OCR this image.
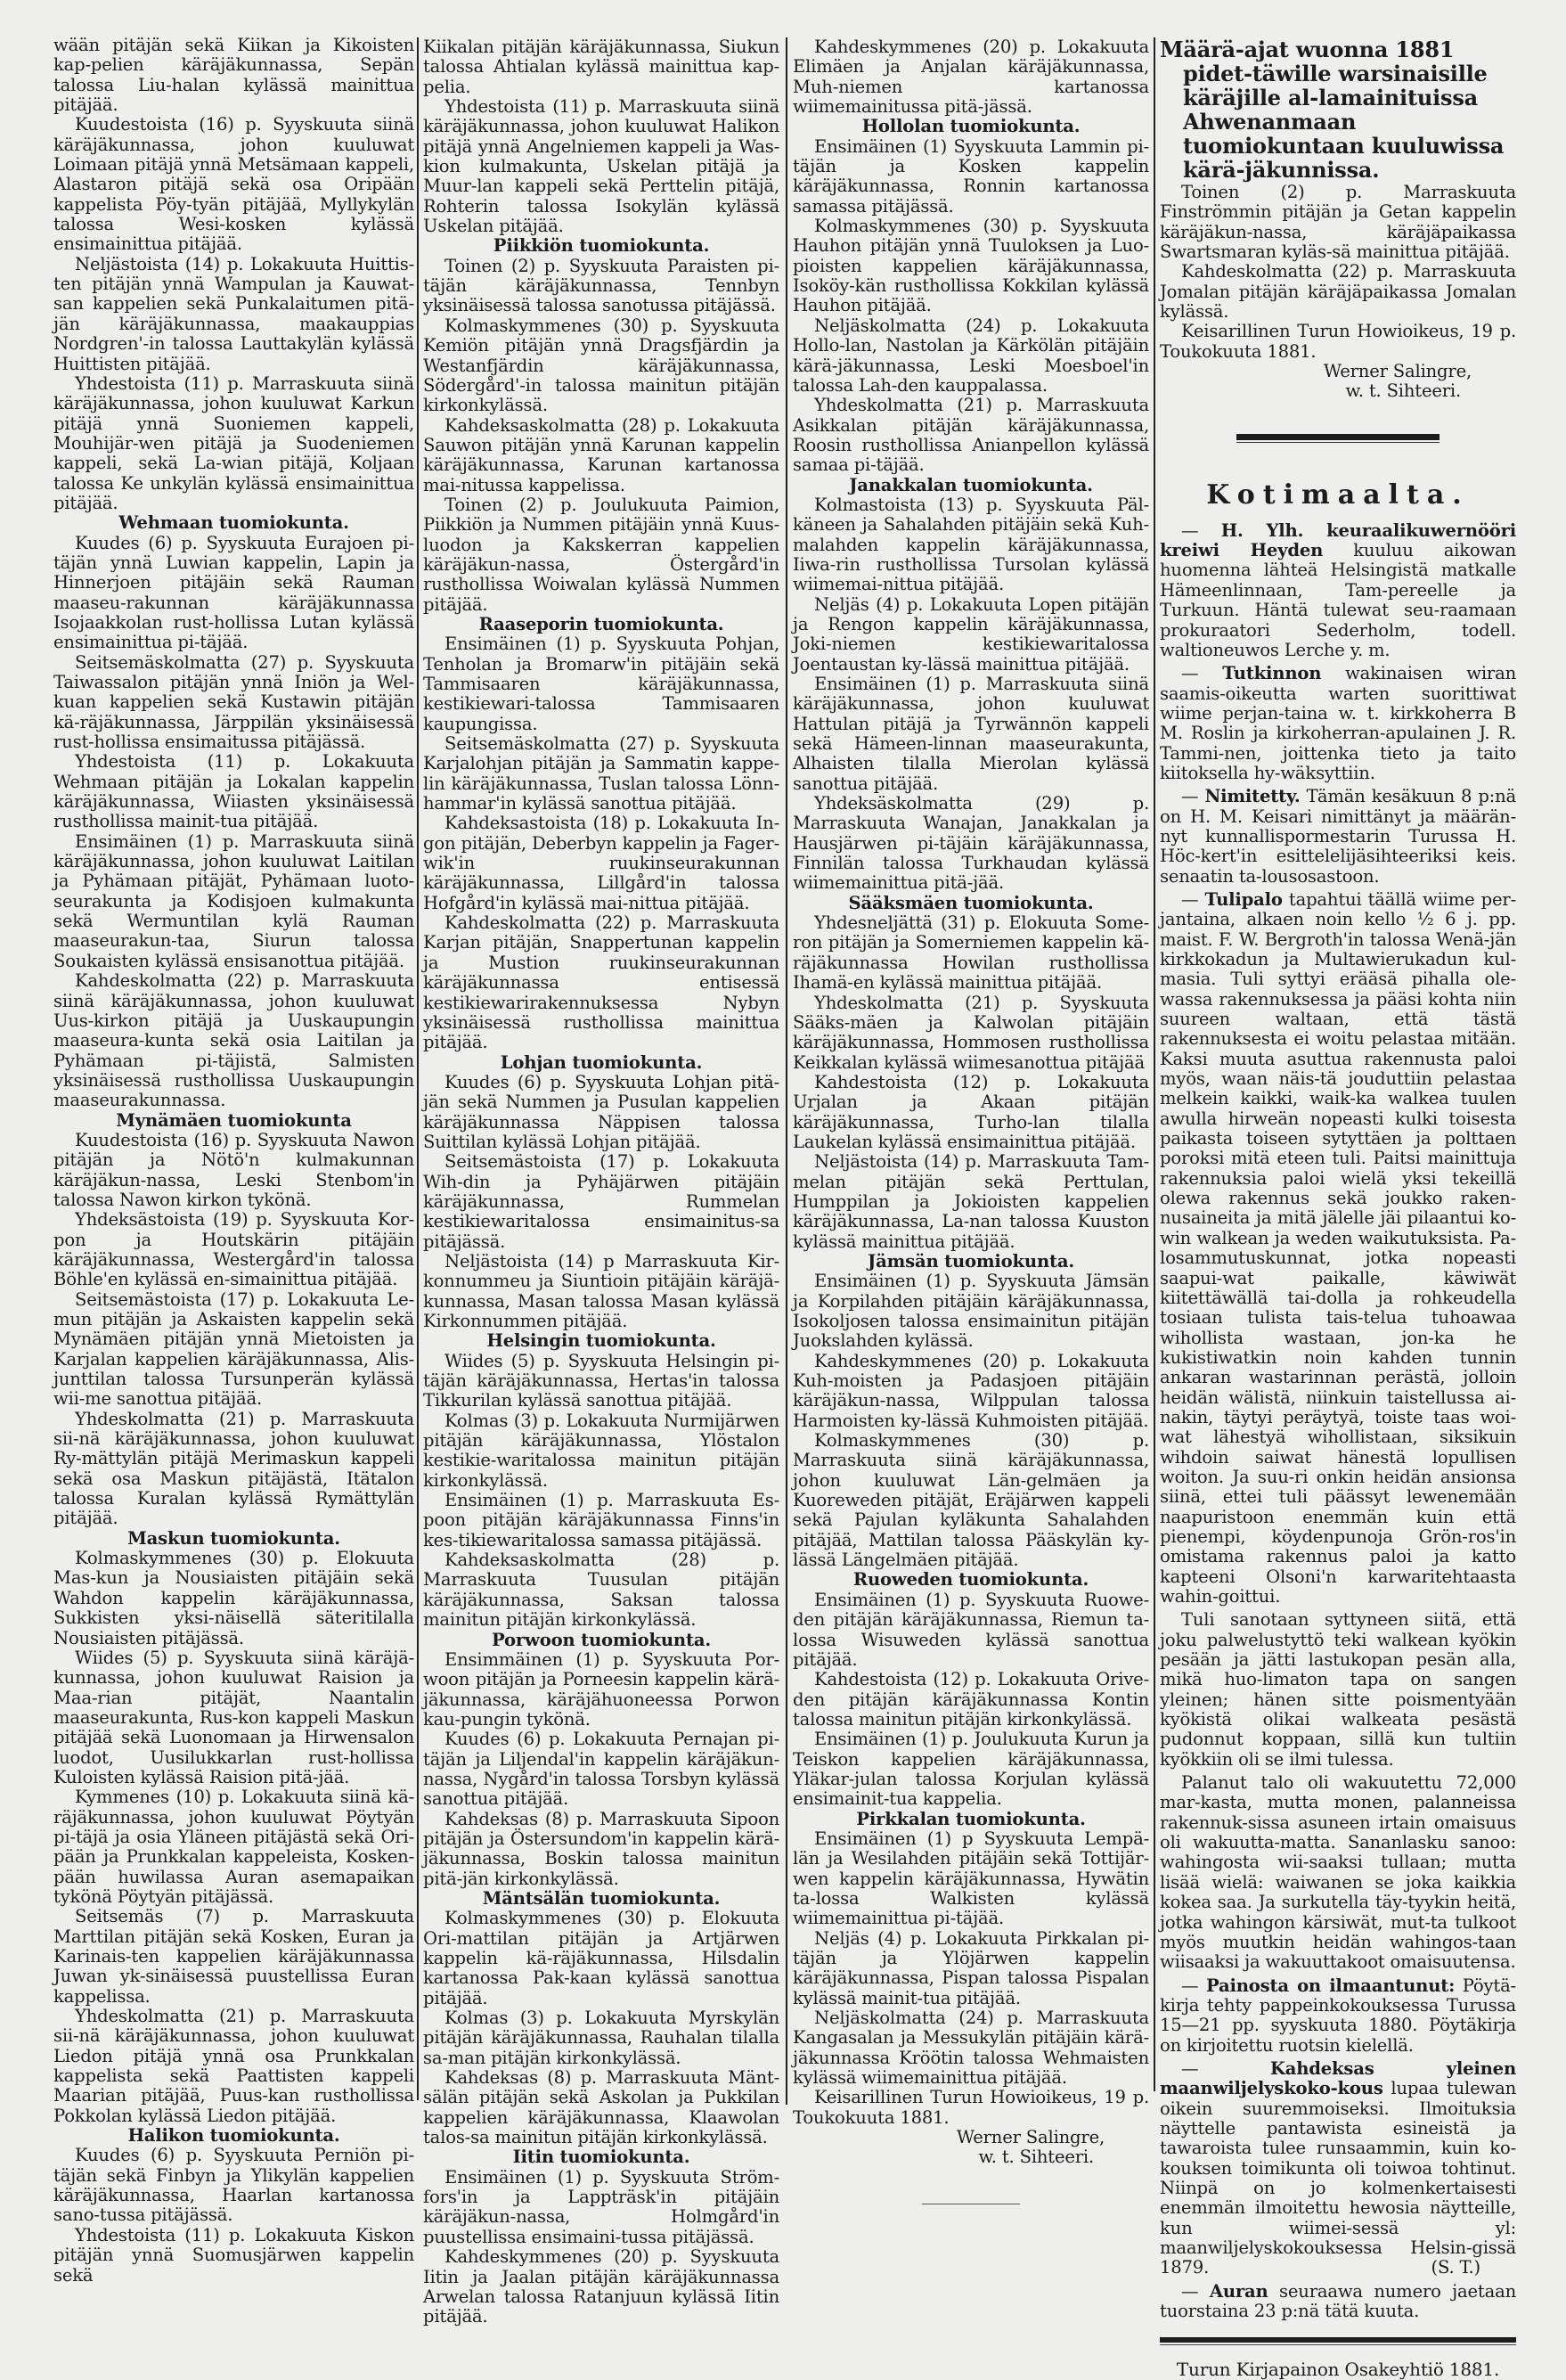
wään pitäjän sekä Kiikan ja Kikoisten kap-pelien käräjäkunnassa, Sepän talossa Liu-halan kylässä mainittua pitäjää.

Kuudestoista (16) p. Syyskuuta siinä käräjäkunnassa, johon kuuluwat Loimaan pitäjä ynnä Metsämaan kappeli, Alastaron pitäjä sekä osa Oripään kappelista Pöy-tyän pitäjää, Myllykylän talossa Wesi-kosken kylässä ensimainittua pitäjää.

Neljästoista (14) p. Lokakuuta Huittis-ten pitäjän ynnä Wampulan ja Kauwat-san kappelien sekä Punkalaitumen pitä-jän käräjäkunnassa, maakauppias Nordgren'-in talossa Lauttakylän kylässä Huittisten pitäjää.

Yhdestoista (11) p. Marraskuuta siinä käräjäkunnassa, johon kuuluwat Karkun pitäjä ynnä Suoniemen kappeli, Mouhijär-wen pitäjä ja Suodeniemen kappeli, sekä La-wian pitäjä, Koljaan talossa Ke unkylän kylässä ensimainittua pitäjää.

Wehmaan tuomiokunta.

Kuudes (6) p. Syyskuuta Eurajoen pi-täjän ynnä Luwian kappelin, Lapin ja Hinnerjoen pitäjäin sekä Rauman maaseu-rakunnan käräjäkunnassa Isojaakkolan rust-hollissa Lutan kylässä ensimainittua pi-täjää.

Seitsemäskolmatta (27) p. Syyskuuta Taiwassalon pitäjän ynnä Iniön ja Wel-kuan kappelien sekä Kustawin pitäjän kä-räjäkunnassa, Järppilän yksinäisessä rust-hollissa ensimaitussa pitäjässä.

Yhdestoista (11) p. Lokakuuta Wehmaan pitäjän ja Lokalan kappelin käräjäkunnassa, Wiiasten yksinäisessä rusthollissa mainit-tua pitäjää.

Ensimäinen (1) p. Marraskuuta siinä käräjäkunnassa, johon kuuluwat Laitilan ja Pyhämaan pitäjät, Pyhämaan luoto-seurakunta ja Kodisjoen kulmakunta sekä Wermuntilan kylä Rauman maaseurakun-taa, Siurun talossa Soukaisten kylässä ensisanottua pitäjää.

Kahdeskolmatta (22) p. Marraskuuta siinä käräjäkunnassa, johon kuuluwat Uus-kirkon pitäjä ja Uuskaupungin maaseura-kunta sekä osia Laitilan ja Pyhämaan pi-täjistä, Salmisten yksinäisessä rusthollissa Uuskaupungin maaseurakunnassa.

Mynämäen tuomiokunta

Kuudestoista (16) p. Syyskuuta Nawon pitäjän ja Nötö'n kulmakunnan käräjäkun-nassa, Leski Stenbom'in talossa Nawon kirkon tykönä.

Yhdeksästoista (19) p. Syyskuuta Kor-pon ja Houtskärin pitäjäin käräjäkunnassa, Westergård'in talossa Böhle'en kylässä en-simainittua pitäjää.

Seitsemästoista (17) p. Lokakuuta Le-mun pitäjän ja Askaisten kappelin sekä Mynämäen pitäjän ynnä Mietoisten ja Karjalan kappelien käräjäkunnassa, Alis-junttilan talossa Tursunperän kylässä wii-me sanottua pitäjää.

Yhdeskolmatta (21) p. Marraskuuta sii-nä käräjäkunnassa, johon kuuluwat Ry-mättylän pitäjä Merimaskun kappeli sekä osa Maskun pitäjästä, Itätalon talossa Kuralan kylässä Rymättylän pitäjää.

Maskun tuomiokunta.

Kolmaskymmenes (30) p. Elokuuta Mas-kun ja Nousiaisten pitäjäin sekä Wahdon kappelin käräjäkunnassa, Sukkisten yksi-näisellä säteritilalla Nousiaisten pitäjässä.

Wiides (5) p. Syyskuuta siinä käräjä-kunnassa, johon kuuluwat Raision ja Maa-rian pitäjät, Naantalin maaseurakunta, Rus-kon kappeli Maskun pitäjää sekä Luonomaan ja Hirwensalon luodot, Uusilukkarlan rust-hollissa Kuloisten kylässä Raision pitä-jää.

Kymmenes (10) p. Lokakuuta siinä kä-räjäkunnassa, johon kuuluwat Pöytyän pi-täjä ja osia Yläneen pitäjästä sekä Ori-pään ja Prunkkalan kappeleista, Kosken-pään huwilassa Auran asemapaikan tykönä Pöytyän pitäjässä.

Seitsemäs (7) p. Marraskuuta Marttilan pitäjän sekä Kosken, Euran ja Karinais-ten kappelien käräjäkunnassa Juwan yk-sinäisessä puustellissa Euran kappelissa.

Yhdeskolmatta (21) p. Marraskuuta sii-nä käräjäkunnassa, johon kuuluwat Liedon pitäjä ynnä osa Prunkkalan kappelista sekä Paattisten kappeli Maarian pitäjää, Puus-kan rusthollissa Pokkolan kylässä Liedon pitäjää.

Halikon tuomiokunta.

Kuudes (6) p. Syyskuuta Perniön pi-täjän sekä Finbyn ja Ylikylän kappelien käräjäkunnassa, Haarlan kartanossa sano-tussa pitäjässä.

Yhdestoista (11) p. Lokakuuta Kiskon pitäjän ynnä Suomusjärwen kappelin sekä

Kiikalan pitäjän käräjäkunnassa, Siukun talossa Ahtialan kylässä mainittua kap-pelia.

Yhdestoista (11) p. Marraskuuta siinä käräjäkunnassa, johon kuuluwat Halikon pitäjä ynnä Angelniemen kappeli ja Was-kion kulmakunta, Uskelan pitäjä ja Muur-lan kappeli sekä Perttelin pitäjä, Rohterin talossa Isokylän kylässä Uskelan pitäjää.

Piikkiön tuomiokunta.

Toinen (2) p. Syyskuuta Paraisten pi-täjän käräjäkunnassa, Tennbyn yksinäisessä talossa sanotussa pitäjässä.

Kolmaskymmenes (30) p. Syyskuuta Kemiön pitäjän ynnä Dragsfjärdin ja Westanfjärdin käräjäkunnassa, Södergård'-in talossa mainitun pitäjän kirkonkylässä.

Kahdeksaskolmatta (28) p. Lokakuuta Sauwon pitäjän ynnä Karunan kappelin käräjäkunnassa, Karunan kartanossa mai-nitussa kappelissa.

Toinen (2) p. Joulukuuta Paimion, Piikkiön ja Nummen pitäjäin ynnä Kuus-luodon ja Kakskerran kappelien käräjäkun-nassa, Östergård'in rusthollissa Woiwalan kylässä Nummen pitäjää.

Raaseporin tuomiokunta.

Ensimäinen (1) p. Syyskuuta Pohjan, Tenholan ja Bromarw'in pitäjäin sekä Tammisaaren käräjäkunnassa, kestikiewari-talossa Tammisaaren kaupungissa.

Seitsemäskolmatta (27) p. Syyskuuta Karjalohjan pitäjän ja Sammatin kappe-lin käräjäkunnassa, Tuslan talossa Lönn-hammar'in kylässä sanottua pitäjää.

Kahdeksastoista (18) p. Lokakuuta In-gon pitäjän, Deberbyn kappelin ja Fager-wik'in ruukinseurakunnan käräjäkunnassa, Lillgård'in talossa Hofgård'in kylässä mai-nittua pitäjää.

Kahdeskolmatta (22) p. Marraskuuta Karjan pitäjän, Snappertunan kappelin ja Mustion ruukinseurakunnan käräjäkunnassa entisessä kestikiewarirakennuksessa Nybyn yksinäisessä rusthollissa mainittua pitäjää.

Lohjan tuomiokunta.

Kuudes (6) p. Syyskuuta Lohjan pitä-jän sekä Nummen ja Pusulan kappelien käräjäkunnassa Näppisen talossa Suittilan kylässä Lohjan pitäjää.

Seitsemästoista (17) p. Lokakuuta Wih-din ja Pyhäjärwen pitäjäin käräjäkunnassa, Rummelan kestikiewaritalossa ensimainitus-sa pitäjässä.

Neljästoista (14) p Marraskuuta Kir-konnummeu ja Siuntioin pitäjäin käräjä-kunnassa, Masan talossa Masan kylässä Kirkonnummen pitäjää.

Helsingin tuomiokunta.

Wiides (5) p. Syyskuuta Helsingin pi-täjän käräjäkunnassa, Hertas'in talossa Tikkurilan kylässä sanottua pitäjää.

Kolmas (3) p. Lokakuuta Nurmijärwen pitäjän käräjäkunnassa, Ylöstalon kestikie-waritalossa mainitun pitäjän kirkonkylässä.

Ensimäinen (1) p. Marraskuuta Es-poon pitäjän käräjäkunnassa Finns'in kes-tikiewaritalossa samassa pitäjässä.

Kahdeksaskolmatta (28) p. Marraskuuta Tuusulan pitäjän käräjäkunnassa, Saksan talossa mainitun pitäjän kirkonkylässä.

Porwoon tuomiokunta.

Ensimmäinen (1) p. Syyskuuta Por-woon pitäjän ja Porneesin kappelin kärä-jäkunnassa, käräjähuoneessa Porwon kau-pungin tykönä.

Kuudes (6) p. Lokakuuta Pernajan pi-täjän ja Liljendal'in kappelin käräjäkun-nassa, Nygård'in talossa Torsbyn kylässä sanottua pitäjää.

Kahdeksas (8) p. Marraskuuta Sipoon pitäjän ja Östersundom'in kappelin kärä-jäkunnassa, Boskin talossa mainitun pitä-jän kirkonkylässä.

Mäntsälän tuomiokunta.

Kolmaskymmenes (30) p. Elokuuta Ori-mattilan pitäjän ja Artjärwen kappelin kä-räjäkunnassa, Hilsdalin kartanossa Pak-kaan kylässä sanottua pitäjää.

Kolmas (3) p. Lokakuuta Myrskylän pitäjän käräjäkunnassa, Rauhalan tilalla sa-man pitäjän kirkonkylässä.

Kahdeksas (8) p. Marraskuuta Mänt-sälän pitäjän sekä Askolan ja Pukkilan kappelien käräjäkunnassa, Klaawolan talos-sa mainitun pitäjän kirkonkylässä.

Iitin tuomiokunta.

Ensimäinen (1) p. Syyskuuta Ström-fors'in ja Lappträsk'in pitäjäin käräjäkun-nassa, Holmgård'in puustellissa ensimaini-tussa pitäjässä.

Kahdeskymmenes (20) p. Syyskuuta Iitin ja Jaalan pitäjän käräjäkunnassa Arwelan talossa Ratanjuun kylässä Iitin pitäjää.

Kahdeskymmenes (20) p. Lokakuuta Elimäen ja Anjalan käräjäkunnassa, Muh-niemen kartanossa wiimemainitussa pitä-jässä.

Hollolan tuomiokunta.

Ensimäinen (1) Syyskuuta Lammin pi-täjän ja Kosken kappelin käräjäkunnassa, Ronnin kartanossa samassa pitäjässä.

Kolmaskymmenes (30) p. Syyskuuta Hauhon pitäjän ynnä Tuuloksen ja Luo-pioisten kappelien käräjäkunnassa, Isoköy-kän rusthollissa Kokkilan kylässä Hauhon pitäjää.

Neljäskolmatta (24) p. Lokakuuta Hollo-lan, Nastolan ja Kärkölän pitäjäin kärä-jäkunnassa, Leski Moesboel'in talossa Lah-den kauppalassa.

Yhdeskolmatta (21) p. Marraskuuta Asikkalan pitäjän käräjäkunnassa, Roosin rusthollissa Anianpellon kylässä samaa pi-täjää.

Janakkalan tuomiokunta.

Kolmastoista (13) p. Syyskuuta Päl-käneen ja Sahalahden pitäjäin sekä Kuh-malahden kappelin käräjäkunnassa, Iiwa-rin rusthollissa Tursolan kylässä wiimemai-nittua pitäjää.

Neljäs (4) p. Lokakuuta Lopen pitäjän ja Rengon kappelin käräjäkunnassa, Joki-niemen kestikiewaritalossa Joentaustan ky-lässä mainittua pitäjää.

Ensimäinen (1) p. Marraskuuta siinä käräjäkunnassa, johon kuuluwat Hattulan pitäjä ja Tyrwännön kappeli sekä Hämeen-linnan maaseurakunta, Alhaisten tilalla Mierolan kylässä sanottua pitäjää.

Yhdeksäskolmatta (29) p. Marraskuuta Wanajan, Janakkalan ja Hausjärwen pi-täjäin käräjäkunnassa, Finnilän talossa Turkhaudan kylässä wiimemainittua pitä-jää.

Sääksmäen tuomiokunta.

Yhdesneljättä (31) p. Elokuuta Some-ron pitäjän ja Somerniemen kappelin kä-räjäkunnassa Howilan rusthollissa Ihamä-en kylässä mainittua pitäjää.

Yhdeskolmatta (21) p. Syyskuuta Sääks-mäen ja Kalwolan pitäjäin käräjäkunnassa, Hommosen rusthollissa Keikkalan kylässä wiimesanottua pitäjää

Kahdestoista (12) p. Lokakuuta Urjalan ja Akaan pitäjän käräjäkunnassa, Turho-lan tilalla Laukelan kylässä ensimainittua pitäjää.

Neljästoista (14) p. Marraskuuta Tam-melan pitäjän sekä Perttulan, Humppilan ja Jokioisten kappelien käräjäkunnassa, La-nan talossa Kuuston kylässä mainittua pitäjää.

Jämsän tuomiokunta.

Ensimäinen (1) p. Syyskuuta Jämsän ja Korpilahden pitäjäin käräjäkunnassa, Isokoljosen talossa ensimainitun pitäjän Juokslahden kylässä.

Kahdeskymmenes (20) p. Lokakuuta Kuh-moisten ja Padasjoen pitäjäin käräjäkun-nassa, Wilppulan talossa Harmoisten ky-lässä Kuhmoisten pitäjää.

Kolmaskymmenes (30) p. Marraskuuta siinä käräjäkunnassa, johon kuuluwat Län-gelmäen ja Kuoreweden pitäjät, Eräjärwen kappeli sekä Pajulan kyläkunta Sahalahden pitäjää, Mattilan talossa Pääskylän ky-lässä Längelmäen pitäjää.

Ruoweden tuomiokunta.

Ensimäinen (1) p. Syyskuuta Ruowe-den pitäjän käräjäkunnassa, Riemun ta-lossa Wisuweden kylässä sanottua pitäjää.

Kahdestoista (12) p. Lokakuuta Orive-den pitäjän käräjäkunnassa Kontin talossa mainitun pitäjän kirkonkylässä.

Ensimäinen (1) p. Joulukuuta Kurun ja Teiskon kappelien käräjäkunnassa, Yläkar-julan talossa Korjulan kylässä ensimainit-tua kappelia.

Pirkkalan tuomiokunta.

Ensimäinen (1) p Syyskuuta Lempä-län ja Wesilahden pitäjäin sekä Tottijär-wen kappelin käräjäkunnassa, Hywätin ta-lossa Walkisten kylässä wiimemainittua pi-täjää.

Neljäs (4) p. Lokakuuta Pirkkalan pi-täjän ja Ylöjärwen kappelin käräjäkunnassa, Pispan talossa Pispalan kylässä mainit-tua pitäjää.

Neljäskolmatta (24) p. Marraskuuta Kangasalan ja Messukylän pitäjäin kärä-jäkunnassa Kröötin talossa Wehmaisten kylässä wiimemainittua pitäjää.

Keisarillinen Turun Howioikeus, 19 p. Toukokuuta 1881.

Werner Salingre,

w. t. Sihteeri.

Määrä-ajat wuonna 1881 pidet-täwille warsinaisille käräjille al-lamainituissa Ahwenanmaan tuomiokuntaan kuuluwissa kärä-jäkunnissa.

Toinen (2) p. Marraskuuta Finströmmin pitäjän ja Getan kappelin käräjäkun-nassa, käräjäpaikassa Swartsmaran kyläs-sä mainittua pitäjää.

Kahdeskolmatta (22) p. Marraskuuta Jomalan pitäjän käräjäpaikassa Jomalan kylässä.

Keisarillinen Turun Howioikeus, 19 p. Toukokuuta 1881.

Werner Salingre,

w. t. Sihteeri.

Kotimaalta.

— H. Ylh. keuraalikuwernööri kreiwi Heyden kuuluu aikowan huomenna lähteä Helsingistä matkalle Hämeenlinnaan, Tam-pereelle ja Turkuun. Häntä tulewat seu-raamaan prokuraatori Sederholm, todell. waltioneuwos Lerche y. m.

— Tutkinnon wakinaisen wiran saamis-oikeutta warten suorittiwat wiime perjan-taina w. t. kirkkoherra B M. Roslin ja kirkoherran-apulainen J. R. Tammi-nen, joittenka tieto ja taito kiitoksella hy-wäksyttiin.

— Nimitetty. Tämän kesäkuun 8 p:nä on H. M. Keisari nimittänyt ja määrän-nyt kunnallispormestarin Turussa H. Höc-kert'in esittelelijäsihteeriksi keis. senaatin ta-lousosastoon.

— Tulipalo tapahtui täällä wiime per-jantaina, alkaen noin kello ½ 6 j. pp. maist. F. W. Bergroth'in talossa Wenä-jän kirkkokadun ja Multawierukadun kul-masia. Tuli syttyi erääsä pihalla ole-wassa rakennuksessa ja pääsi kohta niin suureen waltaan, että tästä rakennuksesta ei woitu pelastaa mitään. Kaksi muuta asuttua rakennusta paloi myös, waan näis-tä jouduttiin pelastaa melkein kaikki, waik-ka walkea tuulen awulla hirweän nopeasti kulki toisesta paikasta toiseen sytyttäen ja polttaen poroksi mitä eteen tuli. Paitsi mainittuja rakennuksia paloi wielä yksi tekeillä olewa rakennus sekä joukko raken-nusaineita ja mitä jälelle jäi pilaantui ko-win walkean ja weden waikutuksista. Pa-losammutuskunnat, jotka nopeasti saapui-wat paikalle, käwiwät kiitettäwällä tai-dolla ja rohkeudella tosiaan tulista tais-telua tuhoawaa wihollista wastaan, jon-ka he kukistiwatkin noin kahden tunnin ankaran wastarinnan perästä, jolloin heidän wälistä, niinkuin taistellussa ai-nakin, täytyi peräytyä, toiste taas woi-wat lähestyä wihollistaan, siksikuin wihdoin saiwat hänestä lopullisen woiton. Ja suu-ri onkin heidän ansionsa siinä, ettei tuli päässyt lewenemään naapuristoon enemmän kuin että pienempi, köydenpunoja Grön-ros'in omistama rakennus paloi ja katto kapteeni Olsoni'n karwaritehtaasta wahin-goittui.

Tuli sanotaan syttyneen siitä, että joku palwelustyttö teki walkean kyökin pesään ja jätti lastukopan pesän alla, mikä huo-limaton tapa on sangen yleinen; hänen sitte poismentyään kyökistä olikai walkeata pesästä pudonnut koppaan, sillä kun tultiin kyökkiin oli se ilmi tulessa.

Palanut talo oli wakuutettu 72,000 mar-kasta, mutta monen, palanneissa rakennuk-sissa asuneen irtain omaisuus oli wakuutta-matta. Sananlasku sanoo: wahingosta wii-saaksi tullaan; mutta lisää wielä: waiwanen se joka kaikkia kokea saa. Ja surkutella täy-tyykin heitä, jotka wahingon kärsiwät, mut-ta tulkoot myös muutkin heidän wahingos-taan wiisaaksi ja wakuuttakoot omaisuutensa.

— Painosta on ilmaantunut: Pöytä-kirja tehty pappeinkokouksessa Turussa 15—21 pp. syyskuuta 1880. Pöytäkirja on kirjoitettu ruotsin kielellä.

— Kahdeksas yleinen maanwiljelyskoko-kous lupaa tulewan oikein suuremmoiseksi. Ilmoituksia näyttelle pantawista esineistä ja tawaroista tulee runsaammin, kuin ko-kouksen toimikunta oli toiwoa tohtinut. Niinpä on jo kolmenkertaisesti enemmän ilmoitettu hewosia näytteille, kun wiimei-sessä yl: maanwiljelyskokouksessa Helsin-gissä 1879.	(S. T.)

— Auran seuraawa numero jaetaan tuorstaina 23 p:nä tätä kuuta.

Turun Kirjapainon Osakeyhtiö 1881.
